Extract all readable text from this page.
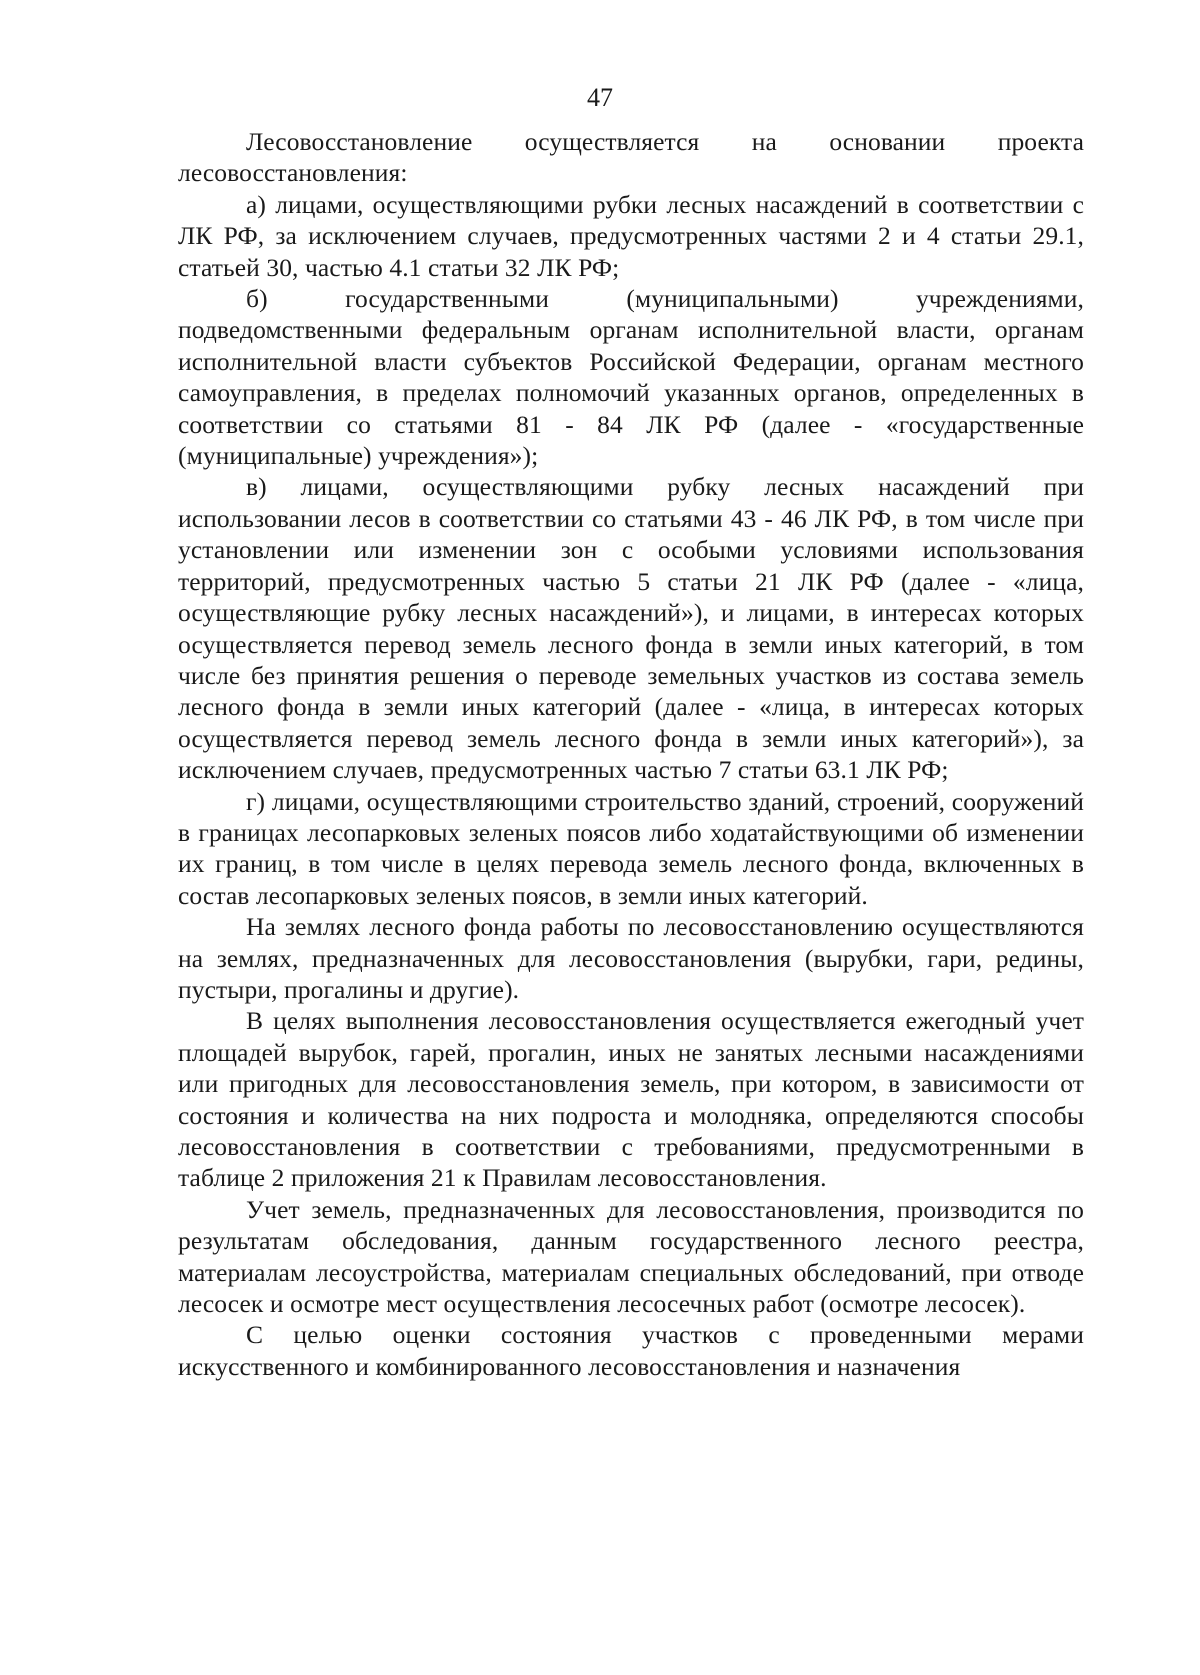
47

Лесовосстановление осуществляется на основании проекта лесовосстановления:

а) лицами, осуществляющими рубки лесных насаждений в соответствии с ЛК РФ, за исключением случаев, предусмотренных частями 2 и 4 статьи 29.1, статьей 30, частью 4.1 статьи 32 ЛК РФ;

б) государственными (муниципальными) учреждениями, подведомственными федеральным органам исполнительной власти, органам исполнительной власти субъектов Российской Федерации, органам местного самоуправления, в пределах полномочий указанных органов, определенных в соответствии со статьями 81 - 84 ЛК РФ (далее - «государственные (муниципальные) учреждения»);

в) лицами, осуществляющими рубку лесных насаждений при использовании лесов в соответствии со статьями 43 - 46 ЛК РФ, в том числе при установлении или изменении зон с особыми условиями использования территорий, предусмотренных частью 5 статьи 21 ЛК РФ (далее - «лица, осуществляющие рубку лесных насаждений»), и лицами, в интересах которых осуществляется перевод земель лесного фонда в земли иных категорий, в том числе без принятия решения о переводе земельных участков из состава земель лесного фонда в земли иных категорий (далее - «лица, в интересах которых осуществляется перевод земель лесного фонда в земли иных категорий»), за исключением случаев, предусмотренных частью 7 статьи 63.1 ЛК РФ;

г) лицами, осуществляющими строительство зданий, строений, сооружений в границах лесопарковых зеленых поясов либо ходатайствующими об изменении их границ, в том числе в целях перевода земель лесного фонда, включенных в состав лесопарковых зеленых поясов, в земли иных категорий.

На землях лесного фонда работы по лесовосстановлению осуществляются на землях, предназначенных для лесовосстановления (вырубки, гари, редины, пустыри, прогалины и другие).

В целях выполнения лесовосстановления осуществляется ежегодный учет площадей вырубок, гарей, прогалин, иных не занятых лесными насаждениями или пригодных для лесовосстановления земель, при котором, в зависимости от состояния и количества на них подроста и молодняка, определяются способы лесовосстановления в соответствии с требованиями, предусмотренными в таблице 2 приложения 21 к Правилам лесовосстановления.

Учет земель, предназначенных для лесовосстановления, производится по результатам обследования, данным государственного лесного реестра, материалам лесоустройства, материалам специальных обследований, при отводе лесосек и осмотре мест осуществления лесосечных работ (осмотре лесосек).

С целью оценки состояния участков с проведенными мерами искусственного и комбинированного лесовосстановления и назначения
